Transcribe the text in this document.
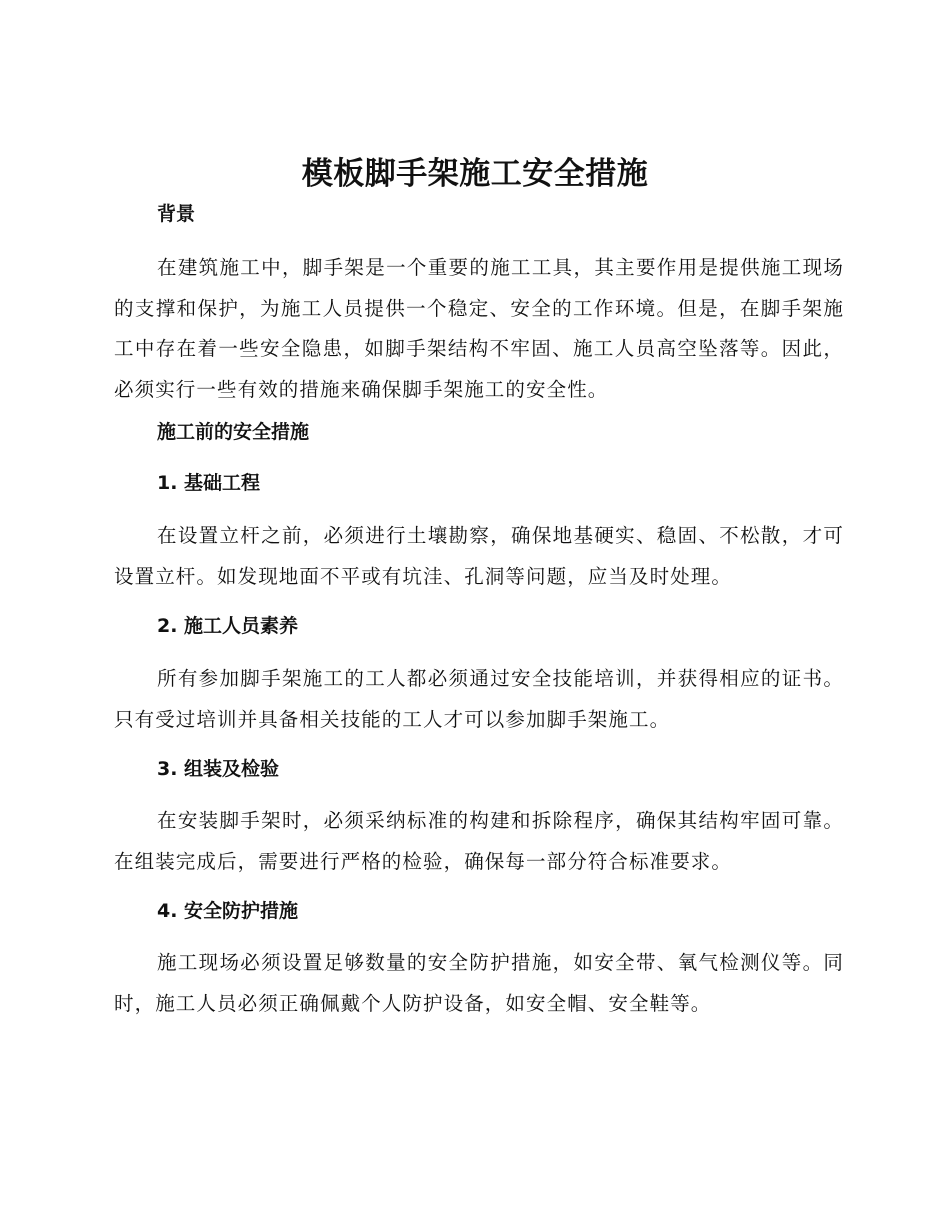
模板脚手架施工安全措施
背景
在建筑施工中，脚手架是一个重要的施工工具，其主要作用是提供施工现场的支撑和保护，为施工人员提供一个稳定、安全的工作环境。但是，在脚手架施工中存在着一些安全隐患，如脚手架结构不牢固、施工人员高空坠落等。因此，必须实行一些有效的措施来确保脚手架施工的安全性。
施工前的安全措施
1. 基础工程
在设置立杆之前，必须进行土壤勘察，确保地基硬实、稳固、不松散，才可设置立杆。如发现地面不平或有坑洼、孔洞等问题，应当及时处理。
2. 施工人员素养
所有参加脚手架施工的工人都必须通过安全技能培训，并获得相应的证书。只有受过培训并具备相关技能的工人才可以参加脚手架施工。
3. 组装及检验
在安装脚手架时，必须采纳标准的构建和拆除程序，确保其结构牢固可靠。在组装完成后，需要进行严格的检验，确保每一部分符合标准要求。
4. 安全防护措施
施工现场必须设置足够数量的安全防护措施，如安全带、氧气检测仪等。同时，施工人员必须正确佩戴个人防护设备，如安全帽、安全鞋等。
